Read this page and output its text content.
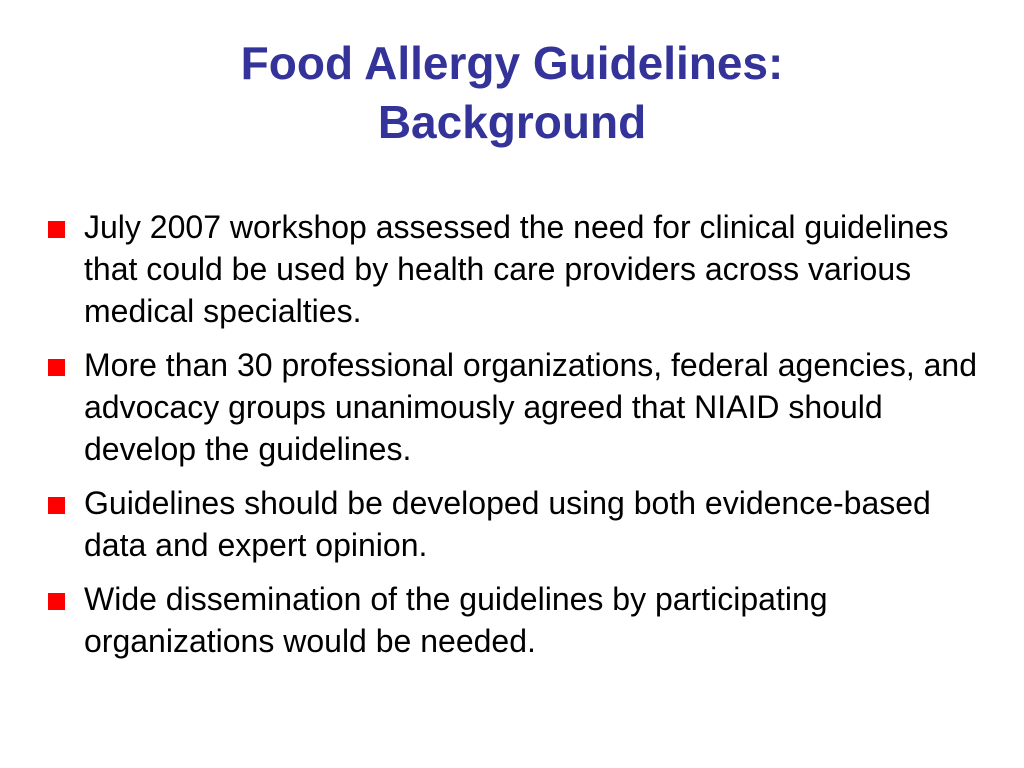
Food Allergy Guidelines:
Background
July 2007 workshop assessed the need for clinical guidelines that could be used by health care providers across various medical specialties.
More than 30 professional organizations, federal agencies, and advocacy groups unanimously agreed that NIAID should develop the guidelines.
Guidelines should be developed using both evidence-based data and expert opinion.
Wide dissemination of the guidelines by participating organizations would be needed.
